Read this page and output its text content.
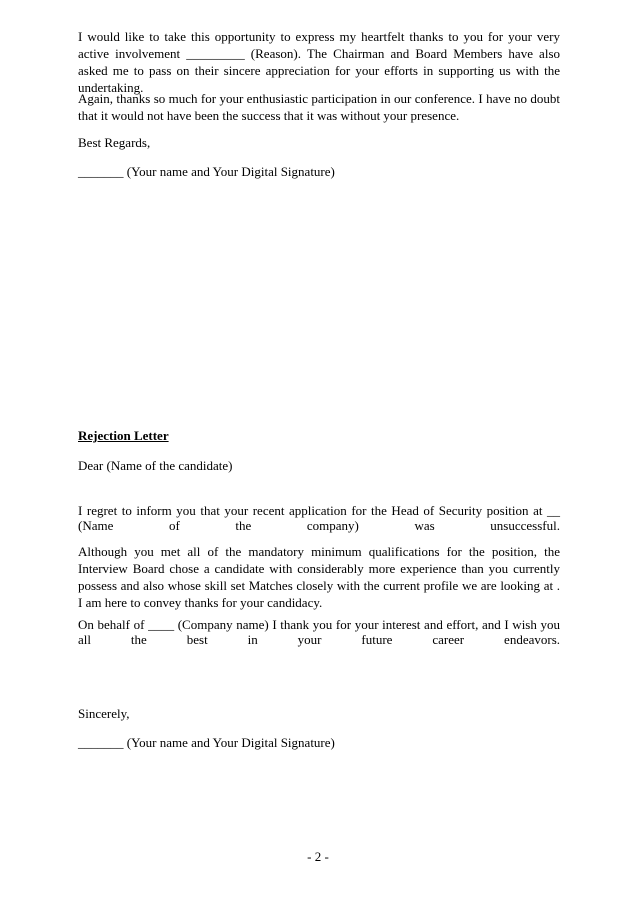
I would like to take this opportunity to express my heartfelt thanks to you for your very active involvement _________ (Reason). The Chairman and Board Members have also asked me to pass on their sincere appreciation for your efforts in supporting us with the undertaking.

Again, thanks so much for your enthusiastic participation in our conference. I have no doubt that it would not have been the success that it was without your presence.

Best Regards,

_______ (Your name and Your Digital Signature)

Rejection Letter

Dear (Name of the candidate)

I regret to inform you that your recent application for the Head of Security position at __

(Name of the company) was unsuccessful.

Although you met all of the mandatory minimum qualifications for the position, the Interview Board chose a candidate with considerably more experience than you currently possess and also whose skill set Matches closely with the current profile we are looking at . I am here to convey thanks for your candidacy.

On behalf of ____ (Company name) I thank you for your interest and effort, and I wish you

all the best in your future career endeavors.

Sincerely,

_______ (Your name and Your Digital Signature)

- 2 -
